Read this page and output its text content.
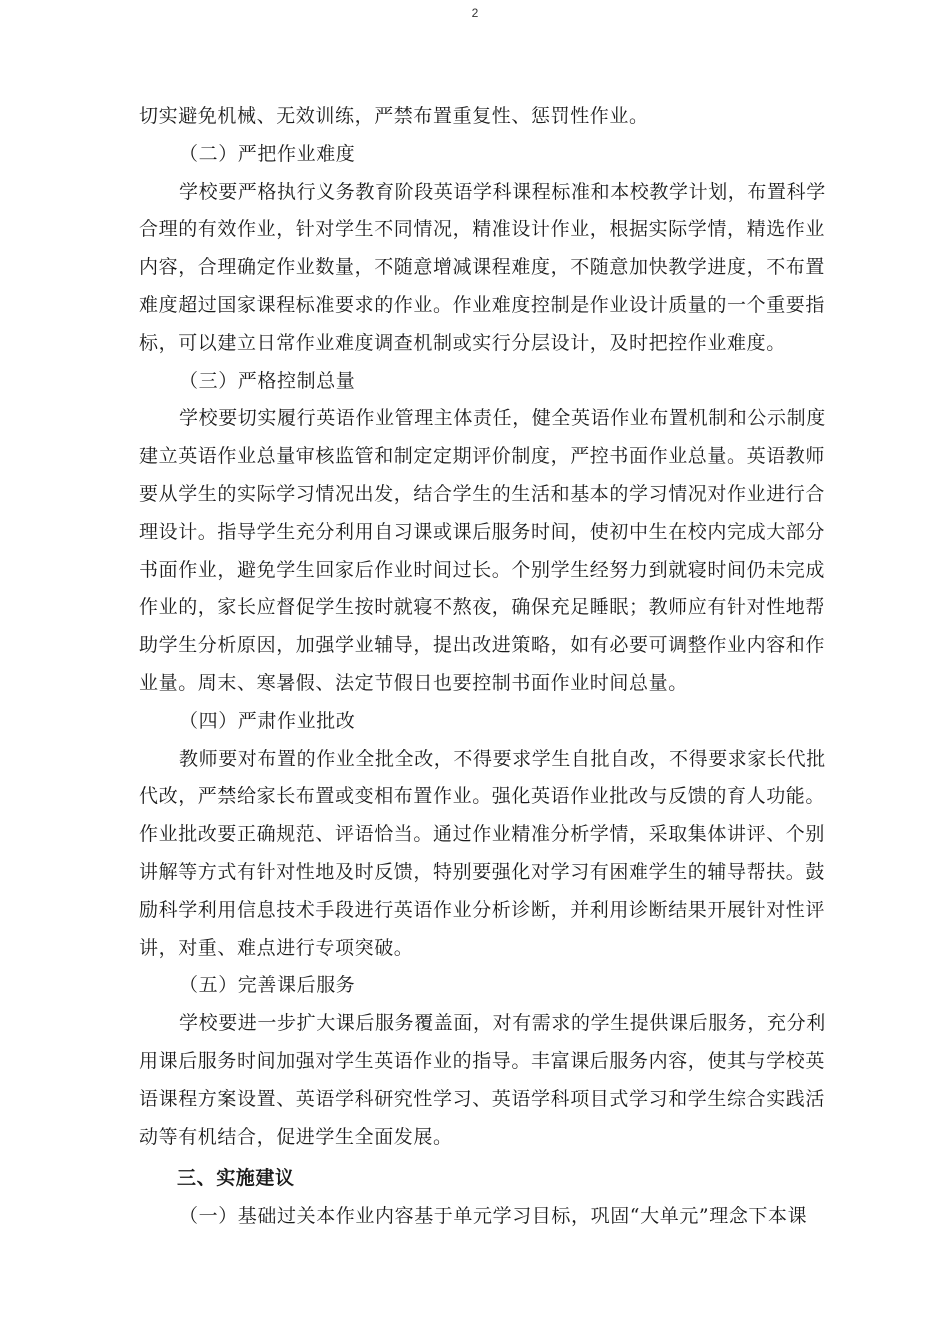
2
切实避免机械、无效训练，严禁布置重复性、惩罚性作业。
（二）严把作业难度
学校要严格执行义务教育阶段英语学科课程标准和本校教学计划，布置科学
合理的有效作业，针对学生不同情况，精准设计作业，根据实际学情，精选作业
内容，合理确定作业数量，不随意增减课程难度，不随意加快教学进度，不布置
难度超过国家课程标准要求的作业。作业难度控制是作业设计质量的一个重要指
标，可以建立日常作业难度调查机制或实行分层设计，及时把控作业难度。
（三）严格控制总量
学校要切实履行英语作业管理主体责任，健全英语作业布置机制和公示制度
建立英语作业总量审核监管和制定定期评价制度，严控书面作业总量。英语教师
要从学生的实际学习情况出发，结合学生的生活和基本的学习情况对作业进行合
理设计。指导学生充分利用自习课或课后服务时间，使初中生在校内完成大部分
书面作业，避免学生回家后作业时间过长。个别学生经努力到就寝时间仍未完成
作业的，家长应督促学生按时就寝不熬夜，确保充足睡眠；教师应有针对性地帮
助学生分析原因，加强学业辅导，提出改进策略，如有必要可调整作业内容和作
业量。周末、寒暑假、法定节假日也要控制书面作业时间总量。
（四）严肃作业批改
教师要对布置的作业全批全改，不得要求学生自批自改，不得要求家长代批
代改，严禁给家长布置或变相布置作业。强化英语作业批改与反馈的育人功能。
作业批改要正确规范、评语恰当。通过作业精准分析学情，采取集体讲评、个别
讲解等方式有针对性地及时反馈，特别要强化对学习有困难学生的辅导帮扶。鼓
励科学利用信息技术手段进行英语作业分析诊断，并利用诊断结果开展针对性评
讲，对重、难点进行专项突破。
（五）完善课后服务
学校要进一步扩大课后服务覆盖面，对有需求的学生提供课后服务，充分利
用课后服务时间加强对学生英语作业的指导。丰富课后服务内容，使其与学校英
语课程方案设置、英语学科研究性学习、英语学科项目式学习和学生综合实践活
动等有机结合，促进学生全面发展。
三、实施建议
（一）基础过关本作业内容基于单元学习目标，巩固“大单元”理念下本课
